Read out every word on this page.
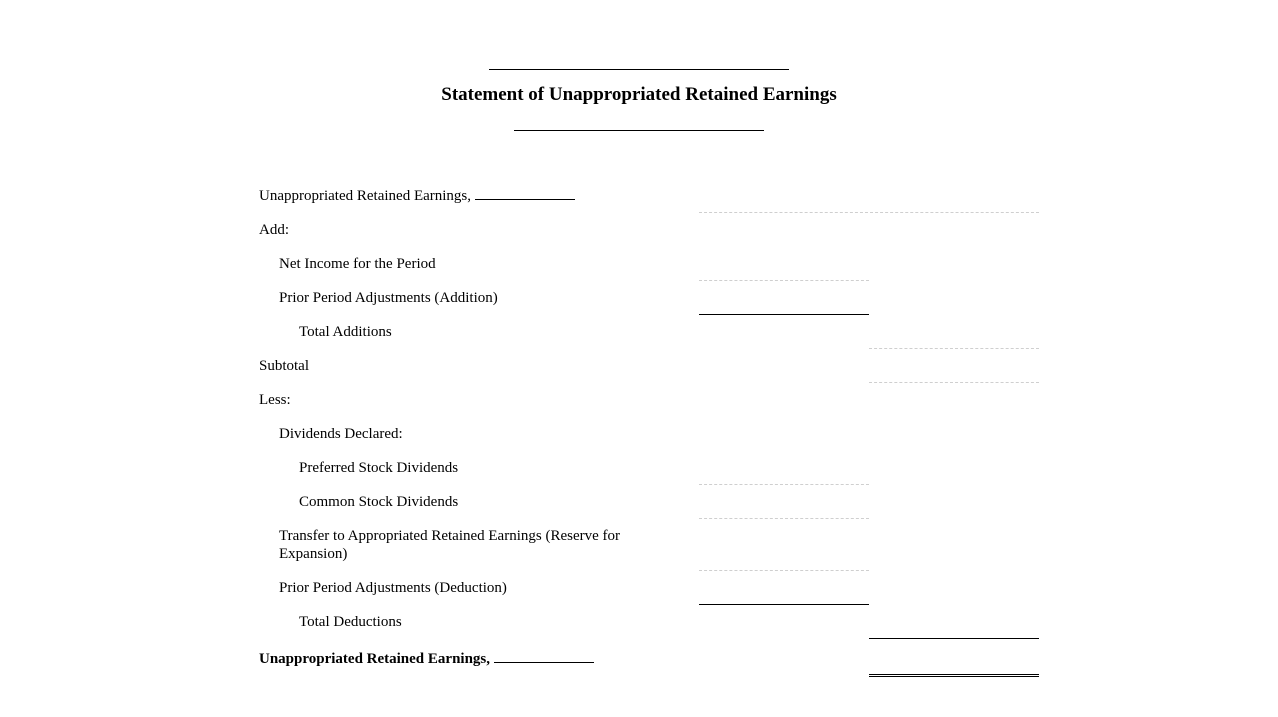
Statement of Unappropriated Retained Earnings
Unappropriated Retained Earnings,
Add:
Net Income for the Period
Prior Period Adjustments (Addition)
Total Additions
Subtotal
Less:
Dividends Declared:
Preferred Stock Dividends
Common Stock Dividends
Transfer to Appropriated Retained Earnings (Reserve for Expansion)
Prior Period Adjustments (Deduction)
Total Deductions
Unappropriated Retained Earnings,
